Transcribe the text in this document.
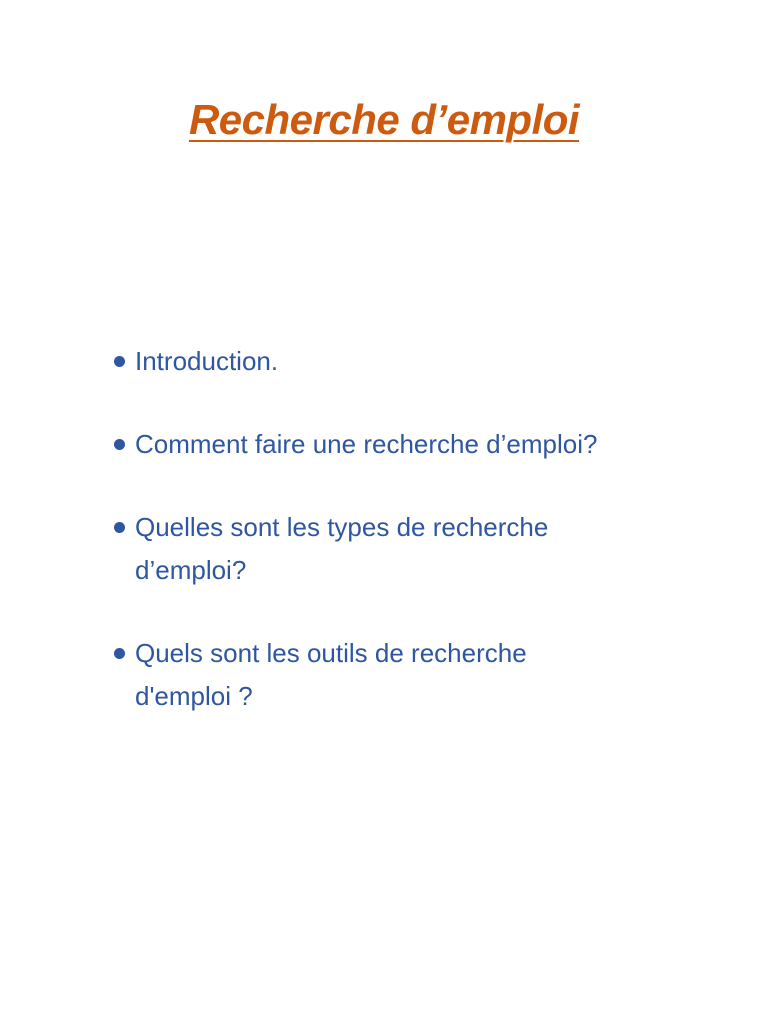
Recherche d’emploi
Introduction.
Comment faire une recherche d’emploi?
Quelles sont les types de recherche d’emploi?
Quels sont les outils de recherche d'emploi ?
